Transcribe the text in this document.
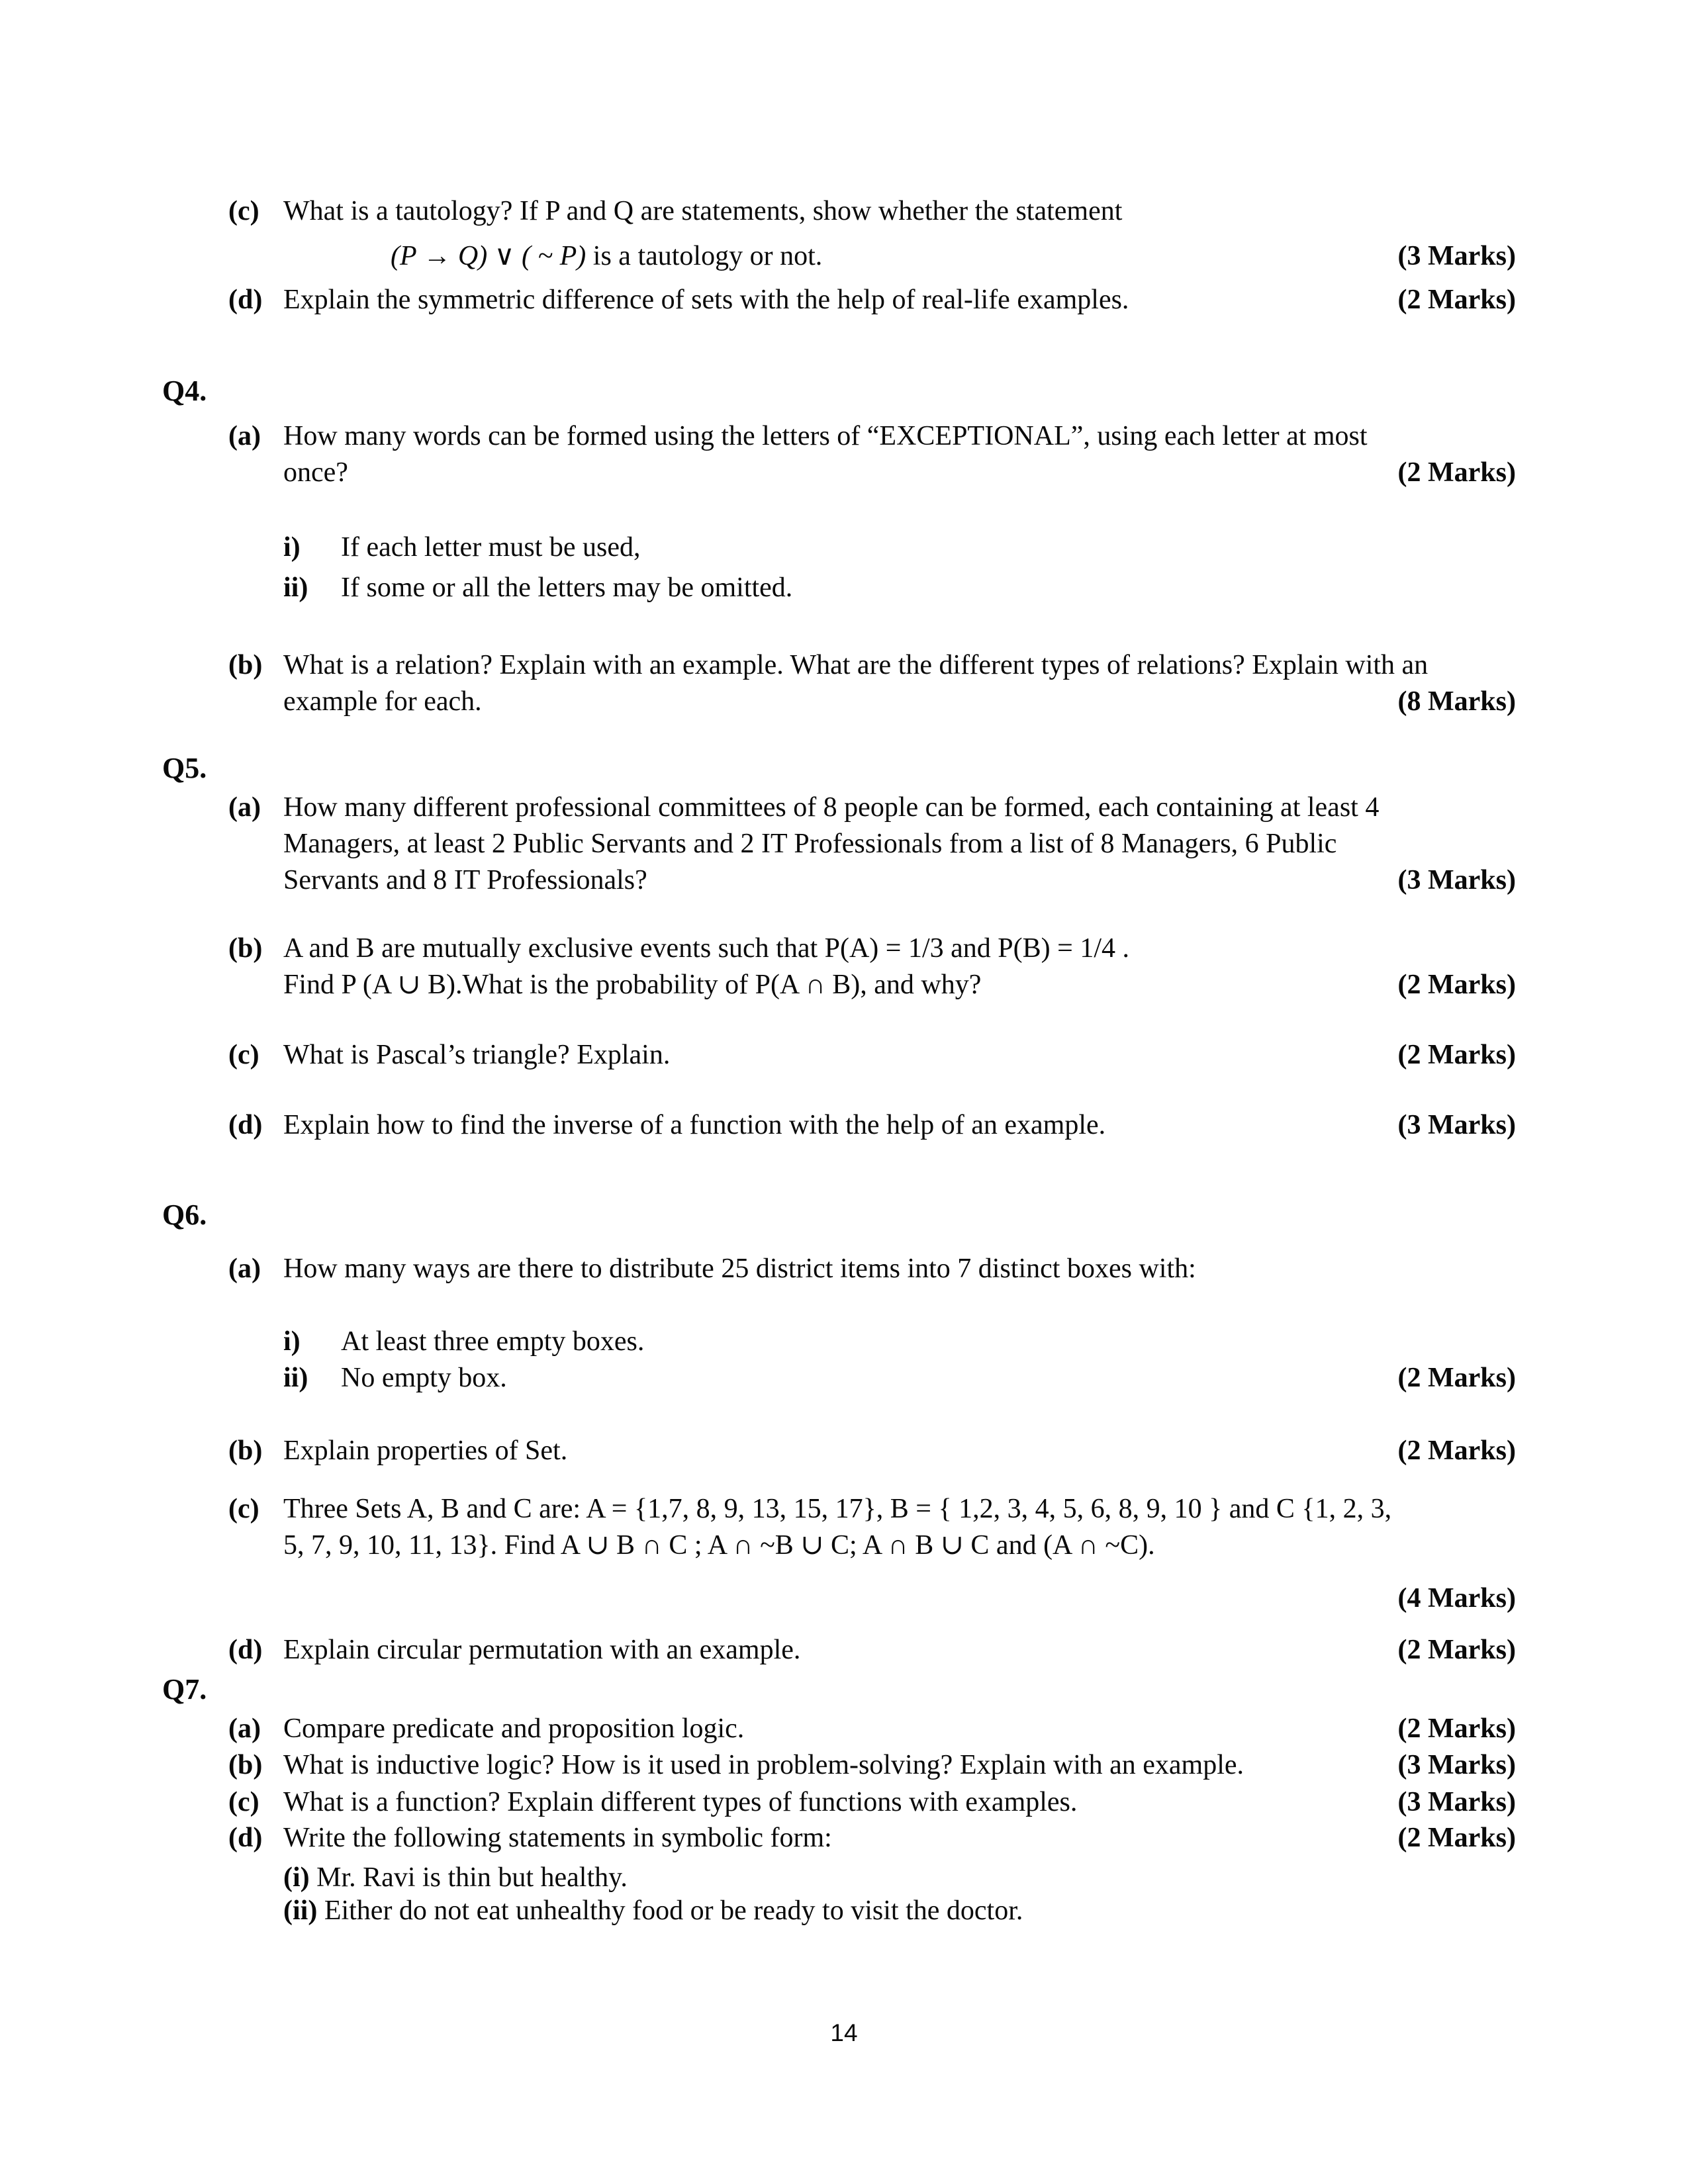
(c) What is a tautology? If P and Q are statements, show whether the statement
(P → Q) ∨ ( ~ P) is a tautology or not.	(3 Marks)
(d) Explain the symmetric difference of sets with the help of real-life examples.	(2 Marks)
Q4.
(a) How many words can be formed using the letters of “EXCEPTIONAL”, using each letter at most
once?	(2 Marks)
i) If each letter must be used,
ii) If some or all the letters may be omitted.
(b) What is a relation? Explain with an example. What are the different types of relations? Explain with an
example for each.	(8 Marks)
Q5.
(a) How many different professional committees of 8 people can be formed, each containing at least 4
Managers, at least 2 Public Servants and 2 IT Professionals from a list of 8 Managers, 6 Public
Servants and 8 IT Professionals?	(3 Marks)
(b) A and B are mutually exclusive events such that P(A) = 1/3 and P(B) = 1/4 .
Find P (A ∪ B).What is the probability of P(A ∩ B), and why?	(2 Marks)
(c) What is Pascal’s triangle? Explain.	(2 Marks)
(d) Explain how to find the inverse of a function with the help of an example.	(3 Marks)
Q6.
(a) How many ways are there to distribute 25 district items into 7 distinct boxes with:
i) At least three empty boxes.
ii) No empty box.	(2 Marks)
(b) Explain properties of Set.	(2 Marks)
(c) Three Sets A, B and C are: A = {1,7, 8, 9, 13, 15, 17}, B = { 1,2, 3, 4, 5, 6, 8, 9, 10 } and C {1, 2, 3,
5, 7, 9, 10, 11, 13}. Find A ∪ B ∩ C ; A ∩ ~B ∪ C; A ∩ B ∪ C and (A ∩ ~C).
(4 Marks)
(d) Explain circular permutation with an example.	(2 Marks)
Q7.
(a) Compare predicate and proposition logic.	(2 Marks)
(b) What is inductive logic? How is it used in problem-solving? Explain with an example.	(3 Marks)
(c) What is a function? Explain different types of functions with examples.	(3 Marks)
(d) Write the following statements in symbolic form:	(2 Marks)
(i) Mr. Ravi is thin but healthy.
(ii) Either do not eat unhealthy food or be ready to visit the doctor.
14
